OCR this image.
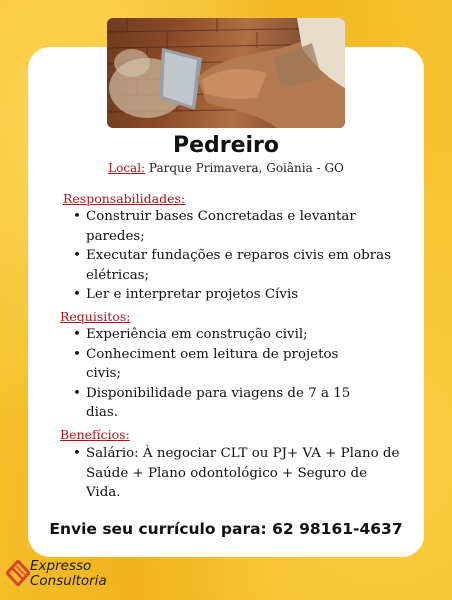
Pedreiro
Local: Parque Primavera, Goiânia - GO
Responsabilidades:
• Construir bases Concretadas e levantar paredes;
• Executar fundações e reparos civis em obras elétricas;
• Ler e interpretar projetos Cívis
Requisitos:
• Experiência em construção civil;
• Conheciment oem leitura de projetos civis;
• Disponibilidade para viagens de 7 a 15 dias.
Benefícios:
• Salário: À negociar CLT ou PJ+ VA + Plano de Saúde + Plano odontológico + Seguro de Vida.
Envie seu currículo para: 62 98161-4637
Expresso
Consultoria
